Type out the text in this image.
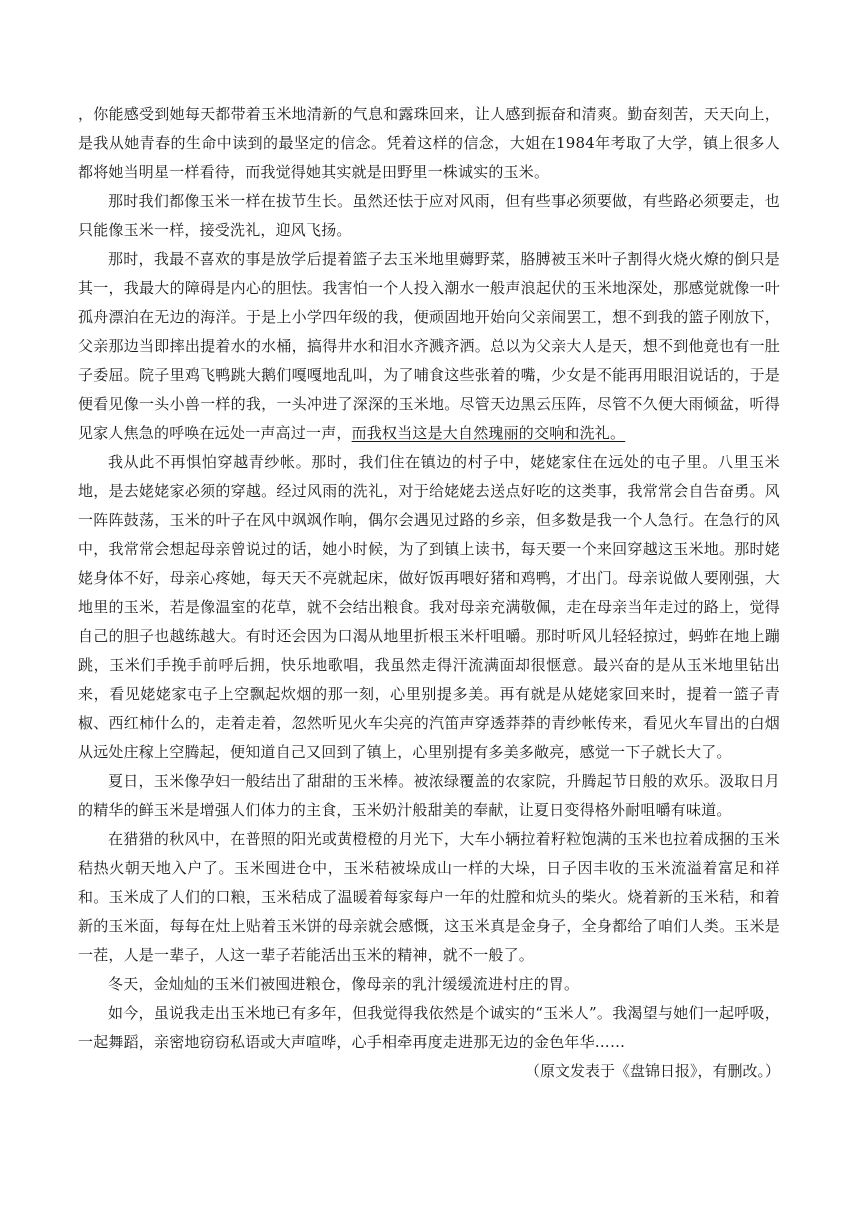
，你能感受到她每天都带着玉米地清新的气息和露珠回来，让人感到振奋和清爽。勤奋刻苦，天天向上，是我从她青春的生命中读到的最坚定的信念。凭着这样的信念，大姐在1984年考取了大学，镇上很多人都将她当明星一样看待，而我觉得她其实就是田野里一株诚实的玉米。

那时我们都像玉米一样在拔节生长。虽然还怯于应对风雨，但有些事必须要做，有些路必须要走，也只能像玉米一样，接受洗礼，迎风飞扬。

那时，我最不喜欢的事是放学后提着篮子去玉米地里薅野菜，胳膊被玉米叶子割得火烧火燎的倒只是其一，我最大的障碍是内心的胆怯。我害怕一个人投入潮水一般声浪起伏的玉米地深处，那感觉就像一叶孤舟漂泊在无边的海洋。于是上小学四年级的我，便顽固地开始向父亲闹罢工，想不到我的篮子刚放下，父亲那边当即摔出提着水的水桶，搞得井水和泪水齐溅齐洒。总以为父亲大人是天，想不到他竟也有一肚子委屈。院子里鸡飞鸭跳大鹅们嘎嘎地乱叫，为了哺食这些张着的嘴，少女是不能再用眼泪说话的，于是便看见像一头小兽一样的我，一头冲进了深深的玉米地。尽管天边黑云压阵，尽管不久便大雨倾盆，听得见家人焦急的呼唤在远处一声高过一声，而我权当这是大自然瑰丽的交响和洗礼。

我从此不再惧怕穿越青纱帐。那时，我们住在镇边的村子中，姥姥家住在远处的屯子里。八里玉米地，是去姥姥家必须的穿越。经过风雨的洗礼，对于给姥姥去送点好吃的这类事，我常常会自告奋勇。风一阵阵鼓荡，玉米的叶子在风中飒飒作响，偶尔会遇见过路的乡亲，但多数是我一个人急行。在急行的风中，我常常会想起母亲曾说过的话，她小时候，为了到镇上读书，每天要一个来回穿越这玉米地。那时姥姥身体不好，母亲心疼她，每天天不亮就起床，做好饭再喂好猪和鸡鸭，才出门。母亲说做人要刚强，大地里的玉米，若是像温室的花草，就不会结出粮食。我对母亲充满敬佩，走在母亲当年走过的路上，觉得自己的胆子也越练越大。有时还会因为口渴从地里折根玉米杆咀嚼。那时听风儿轻轻掠过，蚂蚱在地上蹦跳，玉米们手挽手前呼后拥，快乐地歌唱，我虽然走得汗流满面却很惬意。最兴奋的是从玉米地里钻出来，看见姥姥家屯子上空飘起炊烟的那一刻，心里别提多美。再有就是从姥姥家回来时，提着一篮子青椒、西红柿什么的，走着走着，忽然听见火车尖亮的汽笛声穿透莽莽的青纱帐传来，看见火车冒出的白烟从远处庄稼上空腾起，便知道自己又回到了镇上，心里别提有多美多敞亮，感觉一下子就长大了。

夏日，玉米像孕妇一般结出了甜甜的玉米棒。被浓绿覆盖的农家院，升腾起节日般的欢乐。汲取日月的精华的鲜玉米是增强人们体力的主食，玉米奶汁般甜美的奉献，让夏日变得格外耐咀嚼有味道。

在猎猎的秋风中，在普照的阳光或黄橙橙的月光下，大车小辆拉着籽粒饱满的玉米也拉着成捆的玉米秸热火朝天地入户了。玉米囤进仓中，玉米秸被垛成山一样的大垛，日子因丰收的玉米流溢着富足和祥和。玉米成了人们的口粮，玉米秸成了温暖着每家每户一年的灶膛和炕头的柴火。烧着新的玉米秸，和着新的玉米面，每每在灶上贴着玉米饼的母亲就会感慨，这玉米真是金身子，全身都给了咱们人类。玉米是一茬，人是一辈子，人这一辈子若能活出玉米的精神，就不一般了。

冬天，金灿灿的玉米们被囤进粮仓，像母亲的乳汁缓缓流进村庄的胃。

如今，虽说我走出玉米地已有多年，但我觉得我依然是个诚实的“玉米人”。我渴望与她们一起呼吸，一起舞蹈，亲密地窃窃私语或大声喧哗，心手相牵再度走进那无边的金色年华……

（原文发表于《盘锦日报》，有删改。）
